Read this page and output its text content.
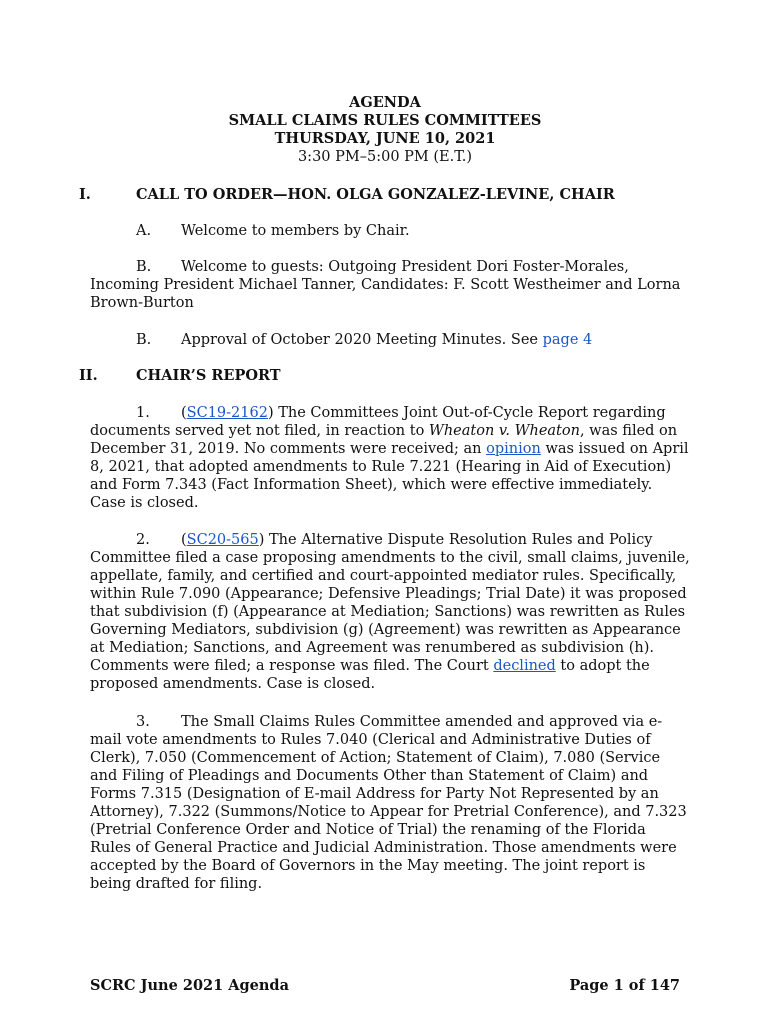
AGENDA
SMALL CLAIMS RULES COMMITTEES
THURSDAY, JUNE 10, 2021
3:30 PM–5:00 PM (E.T.)
I.	CALL TO ORDER—HON. OLGA GONZALEZ-LEVINE, CHAIR
A. Welcome to members by Chair.
B. Welcome to guests: Outgoing President Dori Foster-Morales, Incoming President Michael Tanner, Candidates: F. Scott Westheimer and Lorna Brown-Burton
B. Approval of October 2020 Meeting Minutes. See page 4
II.	CHAIR’S REPORT
1. (SC19-2162) The Committees Joint Out-of-Cycle Report regarding documents served yet not filed, in reaction to Wheaton v. Wheaton, was filed on December 31, 2019. No comments were received; an opinion was issued on April 8, 2021, that adopted amendments to Rule 7.221 (Hearing in Aid of Execution) and Form 7.343 (Fact Information Sheet), which were effective immediately. Case is closed.
2. (SC20-565) The Alternative Dispute Resolution Rules and Policy Committee filed a case proposing amendments to the civil, small claims, juvenile, appellate, family, and certified and court-appointed mediator rules. Specifically, within Rule 7.090 (Appearance; Defensive Pleadings; Trial Date) it was proposed that subdivision (f) (Appearance at Mediation; Sanctions) was rewritten as Rules Governing Mediators, subdivision (g) (Agreement) was rewritten as Appearance at Mediation; Sanctions, and Agreement was renumbered as subdivision (h). Comments were filed; a response was filed. The Court declined to adopt the proposed amendments. Case is closed.
3. The Small Claims Rules Committee amended and approved via e-mail vote amendments to Rules 7.040 (Clerical and Administrative Duties of Clerk), 7.050 (Commencement of Action; Statement of Claim), 7.080 (Service and Filing of Pleadings and Documents Other than Statement of Claim) and Forms 7.315 (Designation of E-mail Address for Party Not Represented by an Attorney), 7.322 (Summons/Notice to Appear for Pretrial Conference), and 7.323 (Pretrial Conference Order and Notice of Trial) the renaming of the Florida Rules of General Practice and Judicial Administration. Those amendments were accepted by the Board of Governors in the May meeting. The joint report is being drafted for filing.
SCRC June 2021 Agenda	Page 1 of 147
